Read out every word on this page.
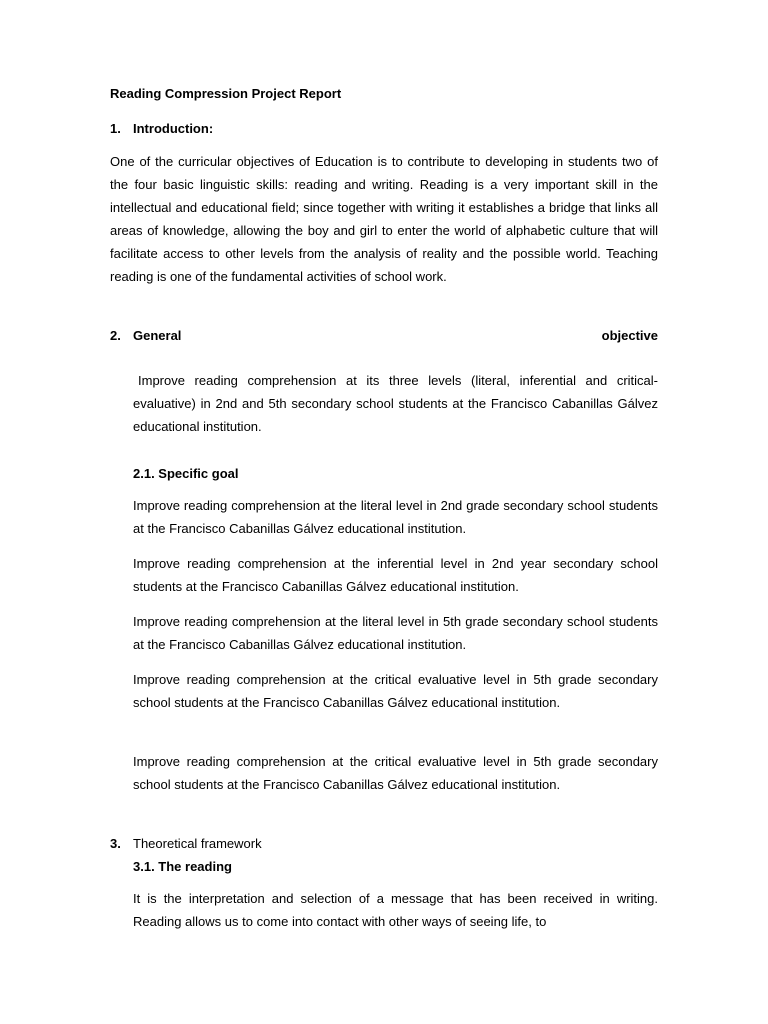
Reading Compression Project Report
1. Introduction:

One of the curricular objectives of Education is to contribute to developing in students two of the four basic linguistic skills: reading and writing. Reading is a very important skill in the intellectual and educational field; since together with writing it establishes a bridge that links all areas of knowledge, allowing the boy and girl to enter the world of alphabetic culture that will facilitate access to other levels from the analysis of reality and the possible world. Teaching reading is one of the fundamental activities of school work.

2. General	objective

Improve reading comprehension at its three levels (literal, inferential and critical-evaluative) in 2nd and 5th secondary school students at the Francisco Cabanillas Gálvez educational institution.

2.1. Specific goal

Improve reading comprehension at the literal level in 2nd grade secondary school students at the Francisco Cabanillas Gálvez educational institution.

Improve reading comprehension at the inferential level in 2nd year secondary school students at the Francisco Cabanillas Gálvez educational institution.

Improve reading comprehension at the literal level in 5th grade secondary school students at the Francisco Cabanillas Gálvez educational institution.

Improve reading comprehension at the critical evaluative level in 5th grade secondary school students at the Francisco Cabanillas Gálvez educational institution.

Improve reading comprehension at the critical evaluative level in 5th grade secondary school students at the Francisco Cabanillas Gálvez educational institution.

3. Theoretical framework
3.1. The reading

It is the interpretation and selection of a message that has been received in writing. Reading allows us to come into contact with other ways of seeing life, to
